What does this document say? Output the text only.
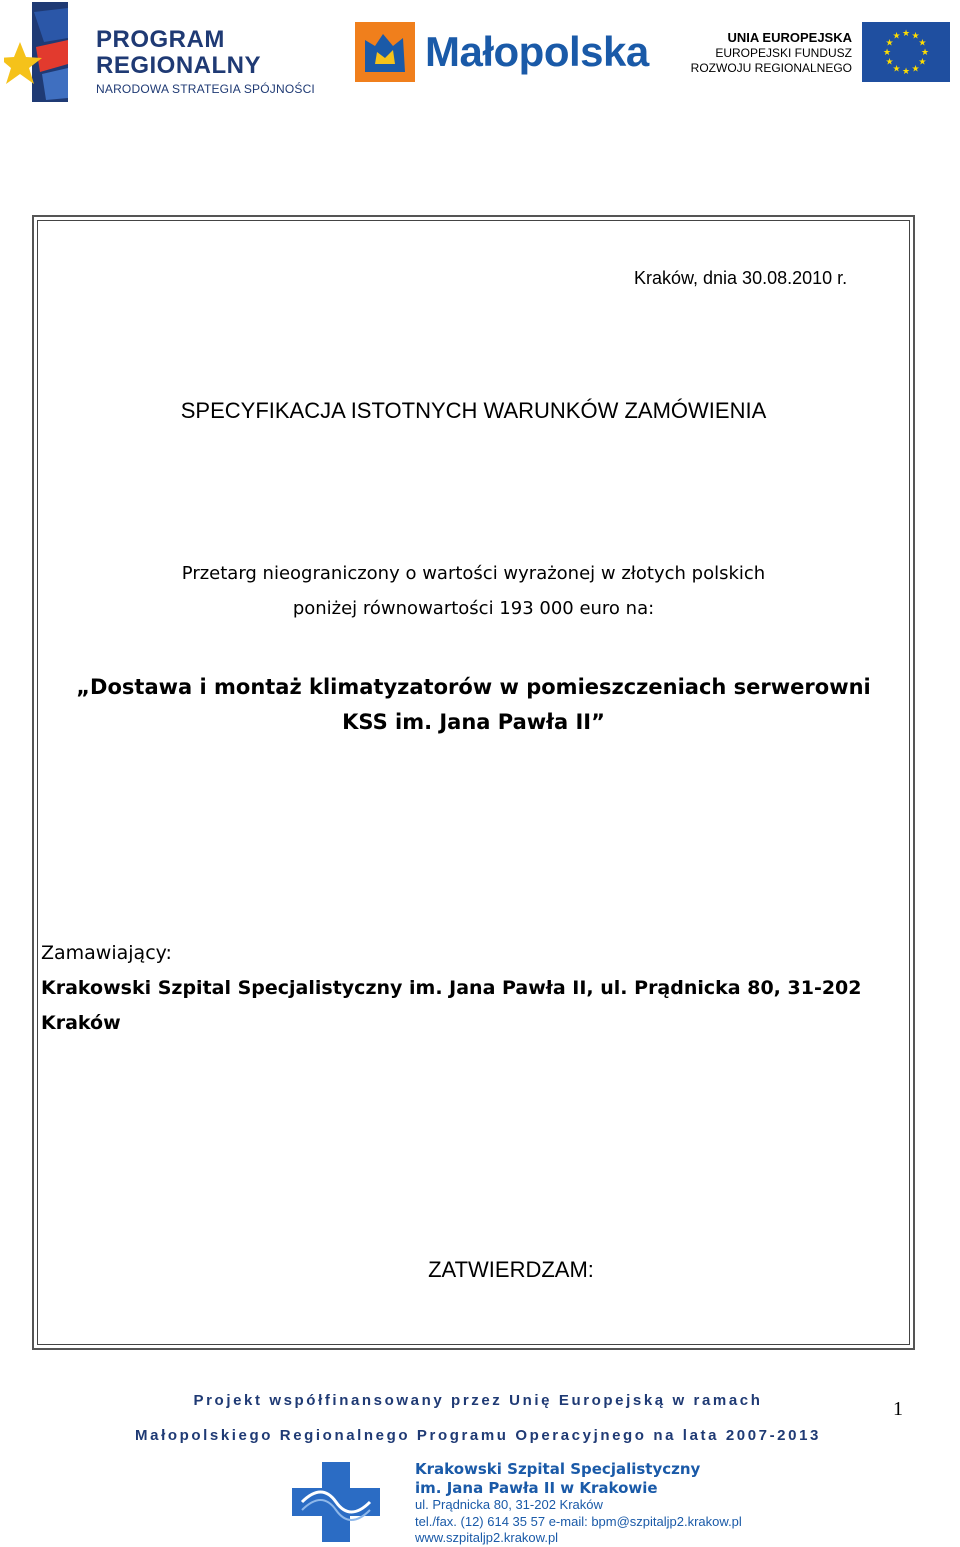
PROGRAM
REGIONALNY
NARODOWA STRATEGIA SPÓJNOŚCI
Małopolska	UNIA EUROPEJSKA
EUROPEJSKI FUNDUSZ
ROZWOJU REGIONALNEGO
★
★
★
★
★
★
★
★
★ ★ ★
★
Kraków, dnia 30.08.2010 r.
SPECYFIKACJA ISTOTNYCH WARUNKÓW ZAMÓWIENIA
Przetarg nieograniczony o wartości wyrażonej w złotych polskich
poniżej równowartości 193 000 euro na:
„Dostawa i montaż klimatyzatorów w pomieszczeniach serwerowni
KSS im. Jana Pawła II”
Zamawiający:
Krakowski Szpital Specjalistyczny im. Jana Pawła II, ul. Prądnicka 80, 31-202
Kraków
ZATWIERDZAM:
Projekt współfinansowany przez Unię Europejską w ramach
Małopolskiego Regionalnego Programu Operacyjnego na lata 2007-2013
1
Krakowski Szpital Specjalistyczny
im. Jana Pawła II w Krakowie
ul. Prądnicka 80, 31-202 Kraków
tel./fax. (12) 614 35 57 e-mail: bpm@szpitaljp2.krakow.pl
www.szpitaljp2.krakow.pl
